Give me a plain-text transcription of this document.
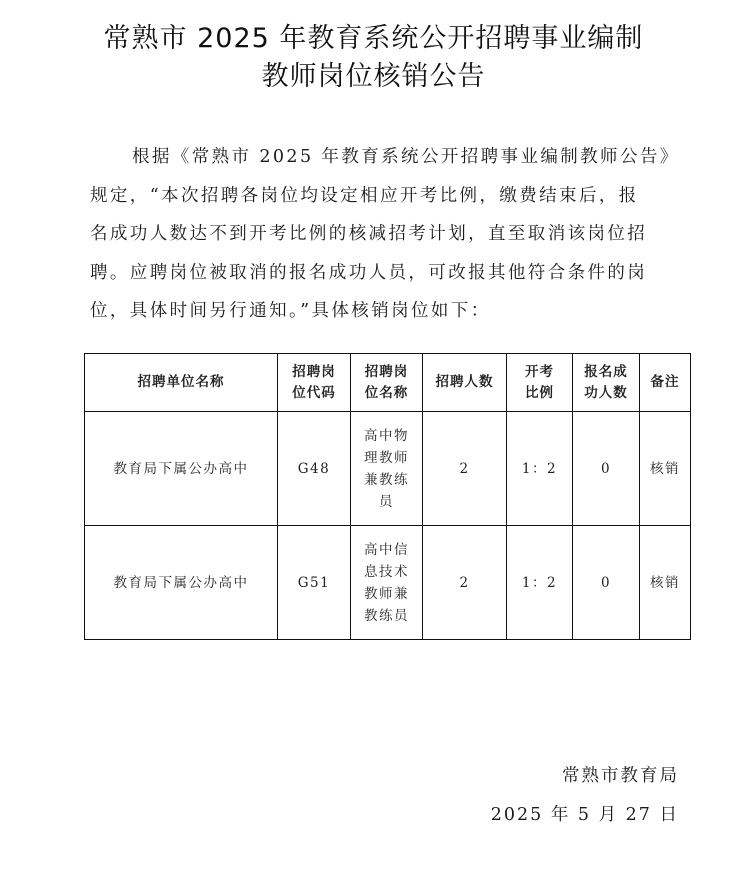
常熟市 2025 年教育系统公开招聘事业编制
教师岗位核销公告
根据《常熟市 2025 年教育系统公开招聘事业编制教师公告》
规定，“本次招聘各岗位均设定相应开考比例，缴费结束后，报
名成功人数达不到开考比例的核减招考计划，直至取消该岗位招
聘。应聘岗位被取消的报名成功人员，可改报其他符合条件的岗
位，具体时间另行通知。”具体核销岗位如下：
招聘单位名称	招聘岗位代码	招聘岗位名称	招聘人数	开考比例	报名成功人数	备注
教育局下属公办高中	G48	高中物理教师兼教练员	2	1：2	0	核销
教育局下属公办高中	G51	高中信息技术教师兼教练员	2	1：2	0	核销

常熟市教育局

2025 年 5 月 27 日
